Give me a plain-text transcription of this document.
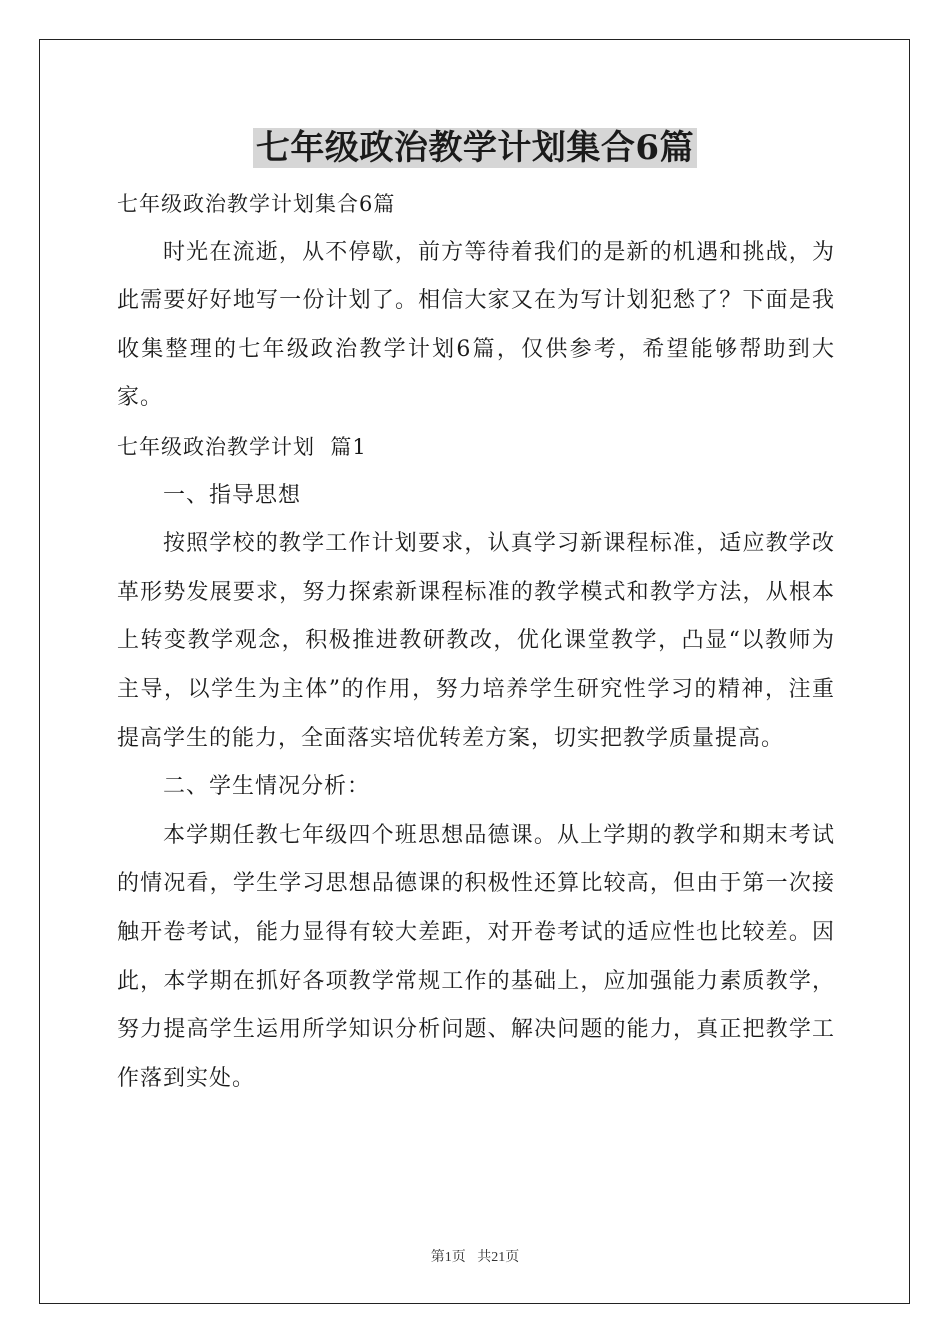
七年级政治教学计划集合6篇

七年级政治教学计划集合6篇

时光在流逝，从不停歇，前方等待着我们的是新的机遇和挑战，为此需要好好地写一份计划了。相信大家又在为写计划犯愁了？下面是我收集整理的七年级政治教学计划6篇，仅供参考，希望能够帮助到大家。

七年级政治教学计划  篇1

一、指导思想

按照学校的教学工作计划要求，认真学习新课程标准，适应教学改革形势发展要求，努力探索新课程标准的教学模式和教学方法，从根本上转变教学观念，积极推进教研教改，优化课堂教学，凸显“以教师为主导，以学生为主体”的作用，努力培养学生研究性学习的精神，注重提高学生的能力，全面落实培优转差方案，切实把教学质量提高。

二、学生情况分析：

本学期任教七年级四个班思想品德课。从上学期的教学和期末考试的情况看，学生学习思想品德课的积极性还算比较高，但由于第一次接触开卷考试，能力显得有较大差距，对开卷考试的适应性也比较差。因此，本学期在抓好各项教学常规工作的基础上，应加强能力素质教学，努力提高学生运用所学知识分析问题、解决问题的能力，真正把教学工作落到实处。

第1页 共21页
